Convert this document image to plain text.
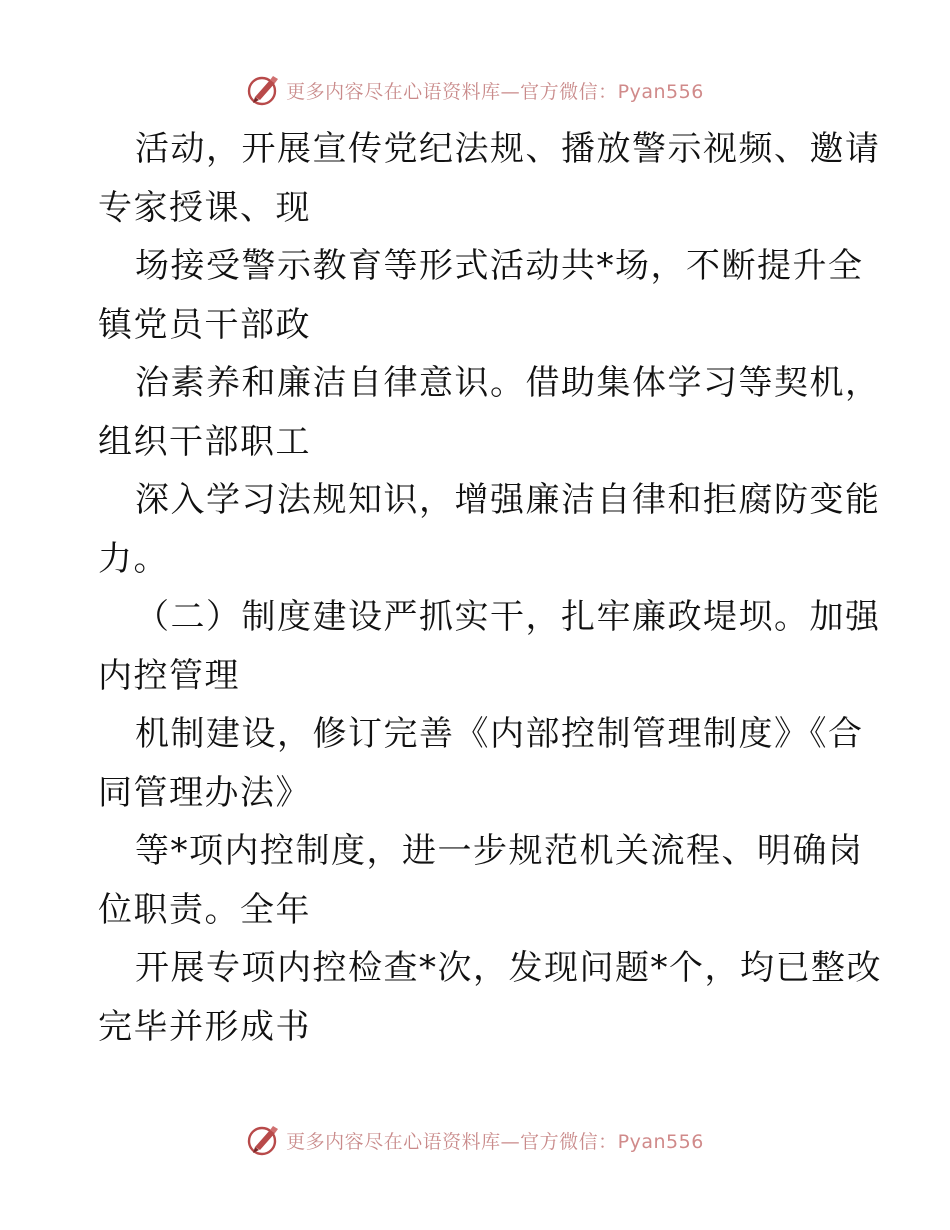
更多内容尽在心语资料库—官方微信：Pyan556
活动，开展宣传党纪法规、播放警示视频、邀请
专家授课、现
场接受警示教育等形式活动共*场，不断提升全
镇党员干部政
治素养和廉洁自律意识。借助集体学习等契机，
组织干部职工
深入学习法规知识，增强廉洁自律和拒腐防变能
力。
（二）制度建设严抓实干，扎牢廉政堤坝。加强
内控管理
机制建设，修订完善《内部控制管理制度》《合
同管理办法》
等*项内控制度，进一步规范机关流程、明确岗
位职责。全年
开展专项内控检查*次，发现问题*个，均已整改
完毕并形成书
更多内容尽在心语资料库—官方微信：Pyan556
